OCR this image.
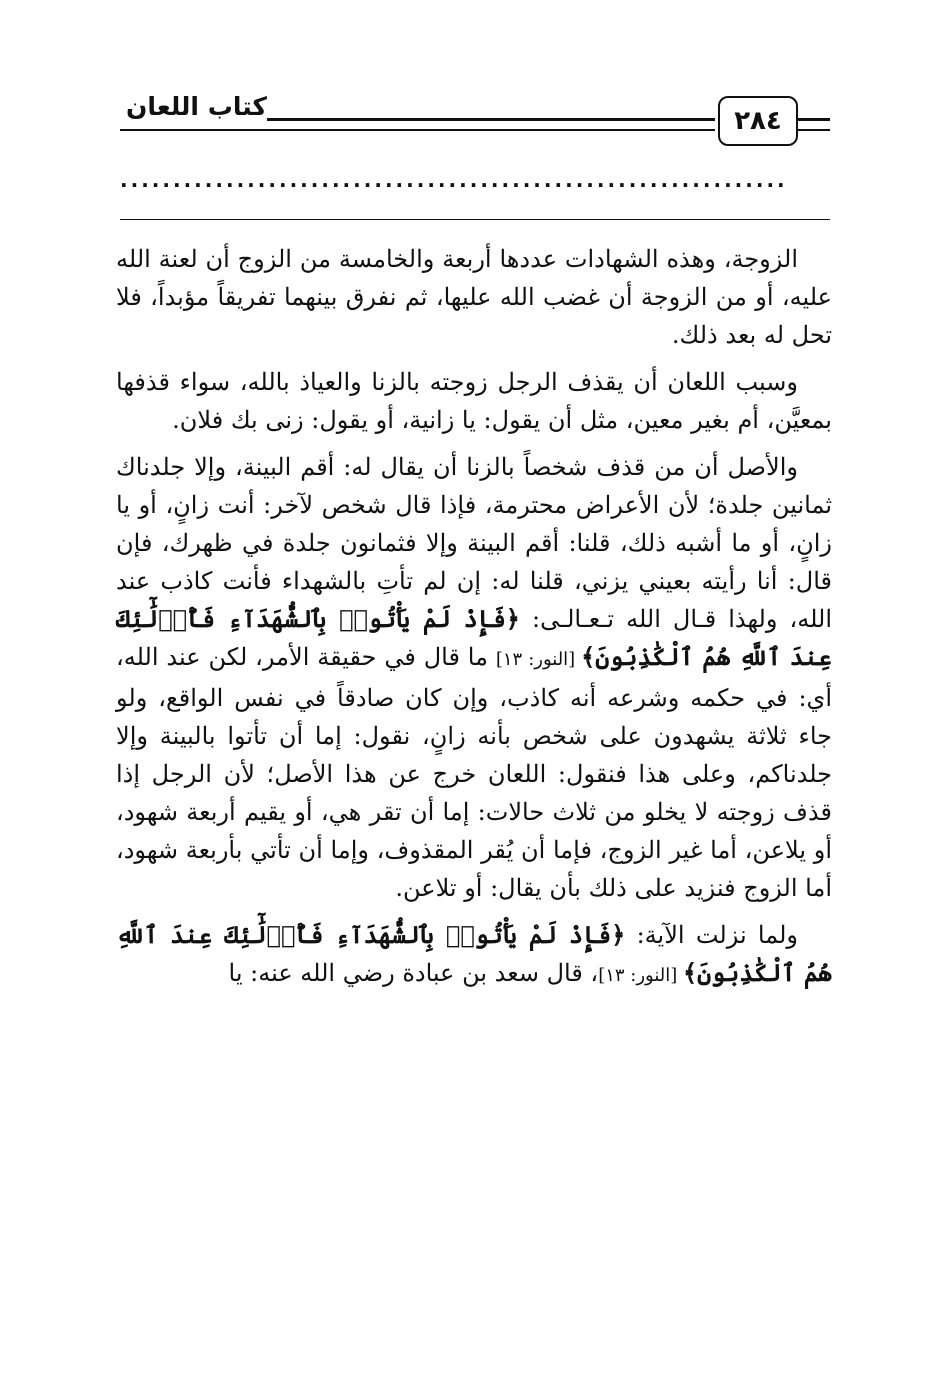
كتاب اللعان	٢٨٤
...............................................................

الزوجة، وهذه الشهادات عددها أربعة والخامسة من الزوج أن لعنة الله عليه، أو من الزوجة أن غضب الله عليها، ثم نفرق بينهما تفريقاً مؤبداً، فلا تحل له بعد ذلك.

وسبب اللعان أن يقذف الرجل زوجته بالزنا والعياذ بالله، سواء قذفها بمعيَّن، أم بغير معين، مثل أن يقول: يا زانية، أو يقول: زنى بك فلان.

والأصل أن من قذف شخصاً بالزنا أن يقال له: أقم البينة، وإلا جلدناك ثمانين جلدة؛ لأن الأعراض محترمة، فإذا قال شخص لآخر: أنت زانٍ، أو يا زانٍ، أو ما أشبه ذلك، قلنا: أقم البينة وإلا فثمانون جلدة في ظهرك، فإن قال: أنا رأيته بعيني يزني، قلنا له: إن لم تأتِ بالشهداء فأنت كاذب عند الله، ولهذا قـال الله تـعـالـى: ﴿فَإِذْ لَمْ يَأْتُوا۟ بِٱلشُّهَدَآءِ فَأُو۟لَٰٓئِكَ عِندَ ٱللَّهِ هُمُ ٱلْكَٰذِبُونَ﴾ [النور: ١٣] ما قال في حقيقة الأمر، لكن عند الله، أي: في حكمه وشرعه أنه كاذب، وإن كان صادقاً في نفس الواقع، ولو جاء ثلاثة يشهدون على شخص بأنه زانٍ، نقول: إما أن تأتوا بالبينة وإلا جلدناكم، وعلى هذا فنقول: اللعان خرج عن هذا الأصل؛ لأن الرجل إذا قذف زوجته لا يخلو من ثلاث حالات: إما أن تقر هي، أو يقيم أربعة شهود، أو يلاعن، أما غير الزوج، فإما أن يُقر المقذوف، وإما أن تأتي بأربعة شهود، أما الزوج فنزيد على ذلك بأن يقال: أو تلاعن.

ولما نزلت الآية: ﴿فَإِذْ لَمْ يَأْتُوا۟ بِٱلشُّهَدَآءِ فَأُو۟لَٰٓئِكَ عِندَ ٱللَّهِ هُمُ ٱلْكَٰذِبُونَ﴾ [النور: ١٣]، قال سعد بن عبادة رضي الله عنه: يا
